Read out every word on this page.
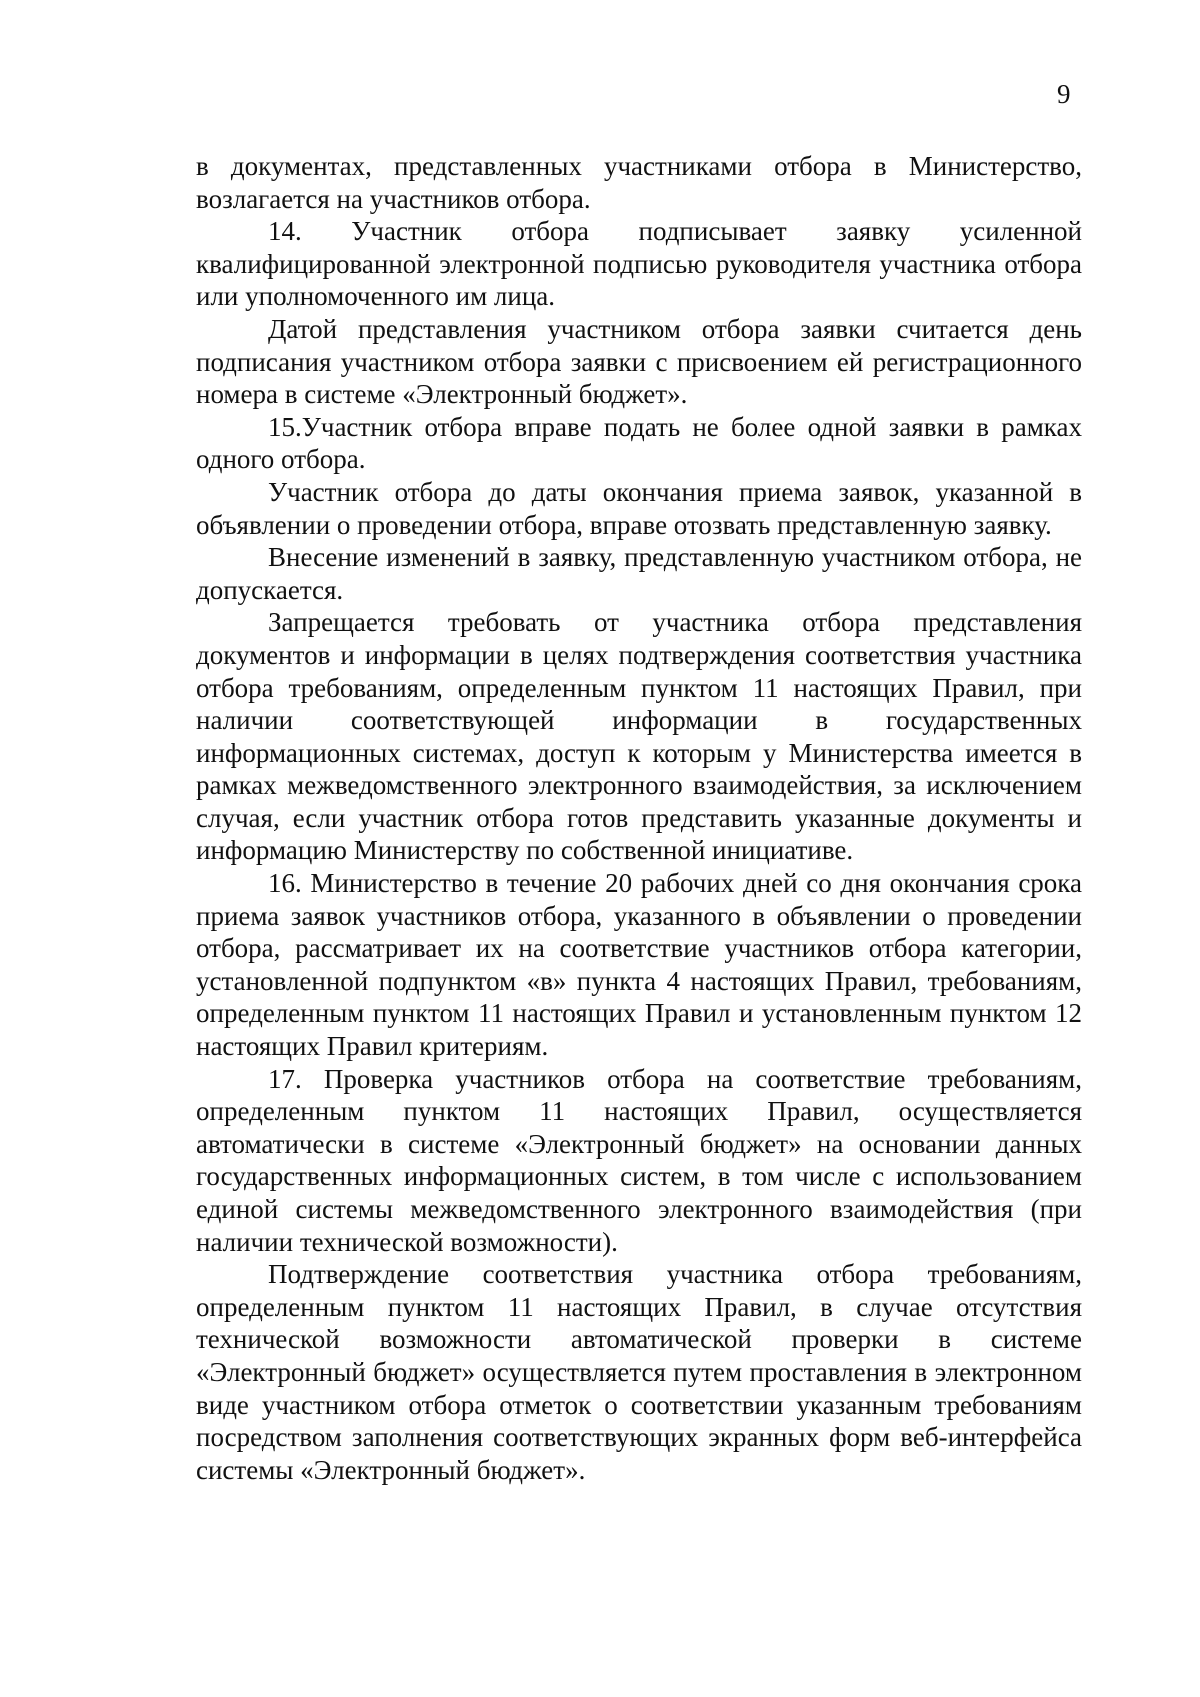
9

в документах, представленных участниками отбора в Министерство, возлагается на участников отбора.

14. Участник отбора подписывает заявку усиленной квалифицированной электронной подписью руководителя участника отбора или уполномоченного им лица.

Датой представления участником отбора заявки считается день подписания участником отбора заявки с присвоением ей регистрационного номера в системе «Электронный бюджет».

15.Участник отбора вправе подать не более одной заявки в рамках одного отбора.

Участник отбора до даты окончания приема заявок, указанной в объявлении о проведении отбора, вправе отозвать представленную заявку.

Внесение изменений в заявку, представленную участником отбора, не допускается.

Запрещается требовать от участника отбора представления документов и информации в целях подтверждения соответствия участника отбора требованиям, определенным пунктом 11 настоящих Правил, при наличии соответствующей информации в государственных информационных системах, доступ к которым у Министерства имеется в рамках межведомственного электронного взаимодействия, за исключением случая, если участник отбора готов представить указанные документы и информацию Министерству по собственной инициативе.

16. Министерство в течение 20 рабочих дней со дня окончания срока приема заявок участников отбора, указанного в объявлении о проведении отбора, рассматривает их на соответствие участников отбора категории, установленной подпунктом «в» пункта 4 настоящих Правил, требованиям, определенным пунктом 11 настоящих Правил и установленным пунктом 12 настоящих Правил критериям.

17. Проверка участников отбора на соответствие требованиям, определенным пунктом 11 настоящих Правил, осуществляется автоматически в системе «Электронный бюджет» на основании данных государственных информационных систем, в том числе с использованием единой системы межведомственного электронного взаимодействия (при наличии технической возможности).

Подтверждение соответствия участника отбора требованиям, определенным пунктом 11 настоящих Правил, в случае отсутствия технической возможности автоматической проверки в системе «Электронный бюджет» осуществляется путем проставления в электронном виде участником отбора отметок о соответствии указанным требованиям посредством заполнения соответствующих экранных форм веб-интерфейса системы «Электронный бюджет».
